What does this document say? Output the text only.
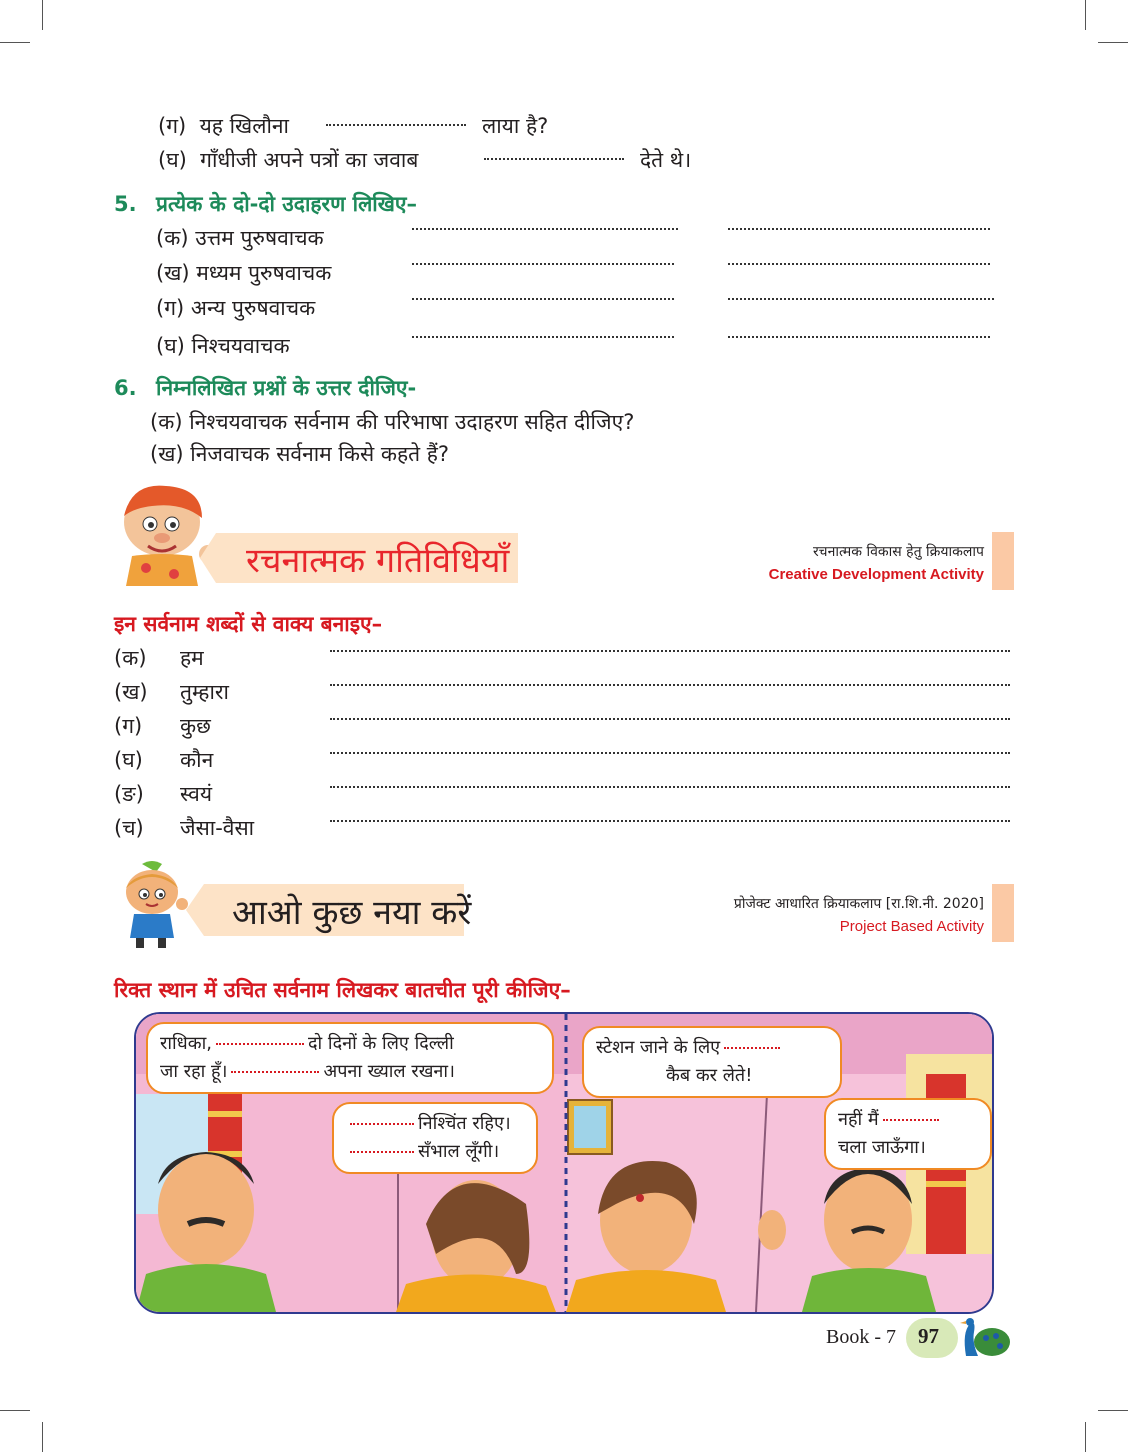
(ग) यह खिलौना	लाया है?
(घ) गाँधीजी अपने पत्रों का जवाब	देते थे।
5. प्रत्येक के दो-दो उदाहरण लिखिए–
(क) उत्तम पुरुषवाचक
(ख) मध्यम पुरुषवाचक
(ग) अन्य पुरुषवाचक
(घ) निश्चयवाचक
6. निम्नलिखित प्रश्नों के उत्तर दीजिए-
(क) निश्चयवाचक सर्वनाम की परिभाषा उदाहरण सहित दीजिए?
(ख) निजवाचक सर्वनाम किसे कहते हैं?
रचनात्मक गतिविधियाँ	रचनात्मक विकास हेतु क्रियाकलाप
Creative Development Activity
इन सर्वनाम शब्दों से वाक्य बनाइए–
(क) हम
(ख) तुम्हारा
(ग) कुछ
(घ) कौन
(ङ) स्वयं
(च) जैसा-वैसा
आओ कुछ नया करें	प्रोजेक्ट आधारित क्रियाकलाप [रा.शि.नी. 2020]
Project Based Activity
रिक्त स्थान में उचित सर्वनाम लिखकर बातचीत पूरी कीजिए–
राधिका,	दो दिनों के लिए दिल्ली
जा रहा हूँ।	अपना ख्याल रखना।
निश्चिंत रहिए।
सँभाल लूँगी।
स्टेशन जाने के लिए
कैब कर लेते!
नहीं मैं
चला जाऊँगा।
Book - 7 97
